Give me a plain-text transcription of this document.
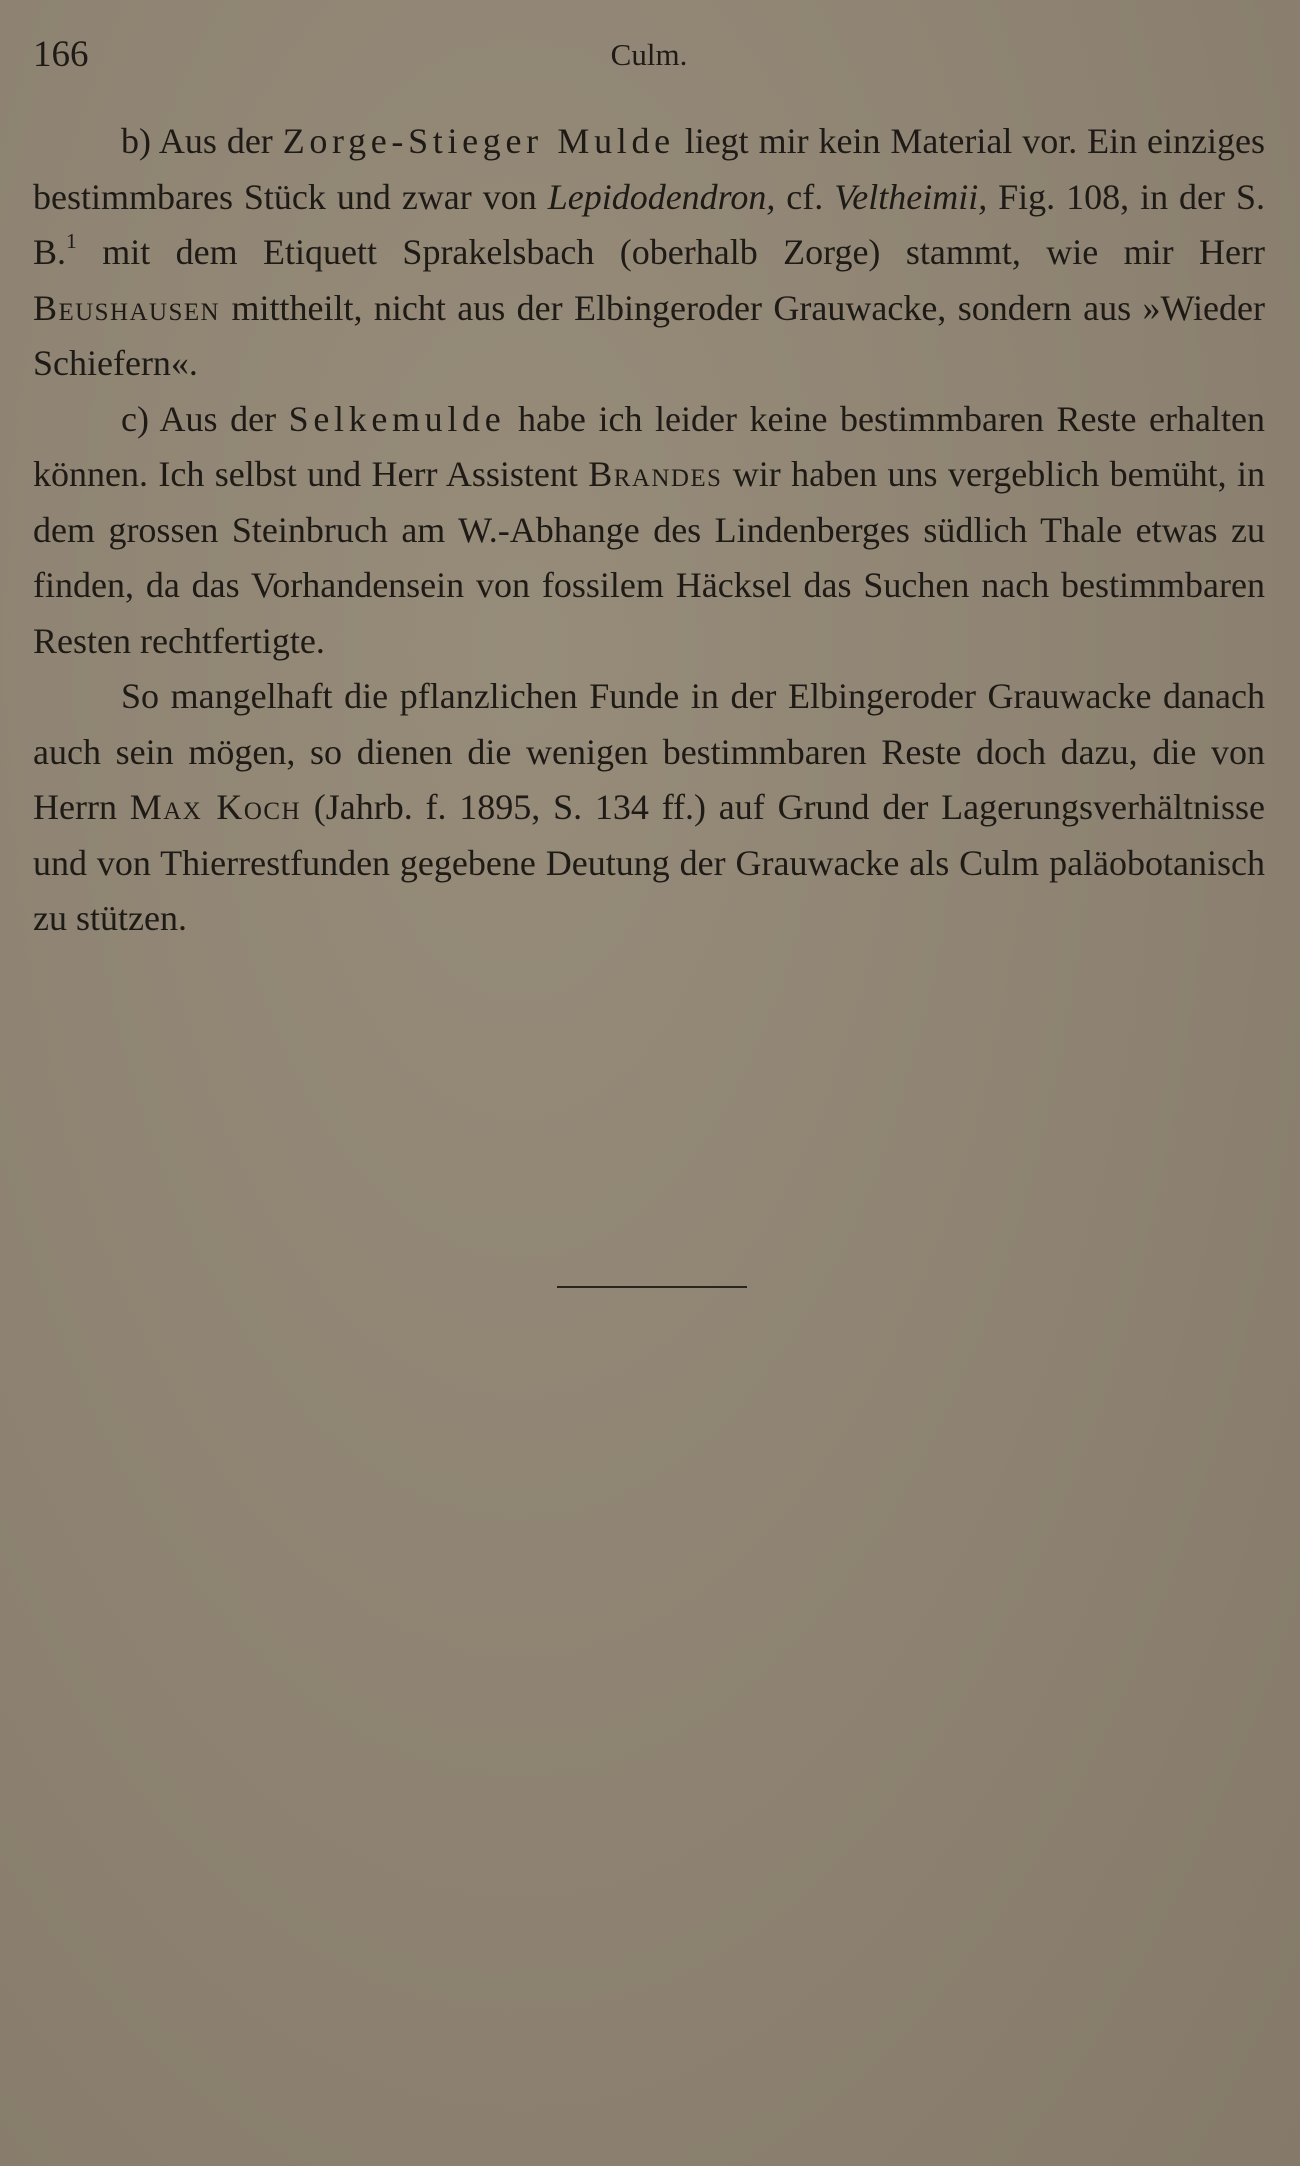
166	Culm.

b) Aus der Zorge-Stieger Mulde liegt mir kein Material vor. Ein einziges bestimmbares Stück und zwar von Lepidodendron, cf. Veltheimii, Fig. 108, in der S. B.$^1$ mit dem Etiquett Sprakelsbach (oberhalb Zorge) stammt, wie mir Herr Beushausen mittheilt, nicht aus der Elbingeroder Grauwacke, sondern aus »Wieder Schiefern«.

c) Aus der Selkemulde habe ich leider keine bestimmbaren Reste erhalten können. Ich selbst und Herr Assistent Brandes wir haben uns vergeblich bemüht, in dem grossen Steinbruch am W.-Abhange des Lindenberges südlich Thale etwas zu finden, da das Vorhandensein von fossilem Häcksel das Suchen nach bestimmbaren Resten rechtfertigte.

So mangelhaft die pflanzlichen Funde in der Elbingeroder Grauwacke danach auch sein mögen, so dienen die wenigen bestimmbaren Reste doch dazu, die von Herrn Max Koch (Jahrb. f. 1895, S. 134 ff.) auf Grund der Lagerungsverhältnisse und von Thierrestfunden gegebene Deutung der Grauwacke als Culm paläobotanisch zu stützen.
